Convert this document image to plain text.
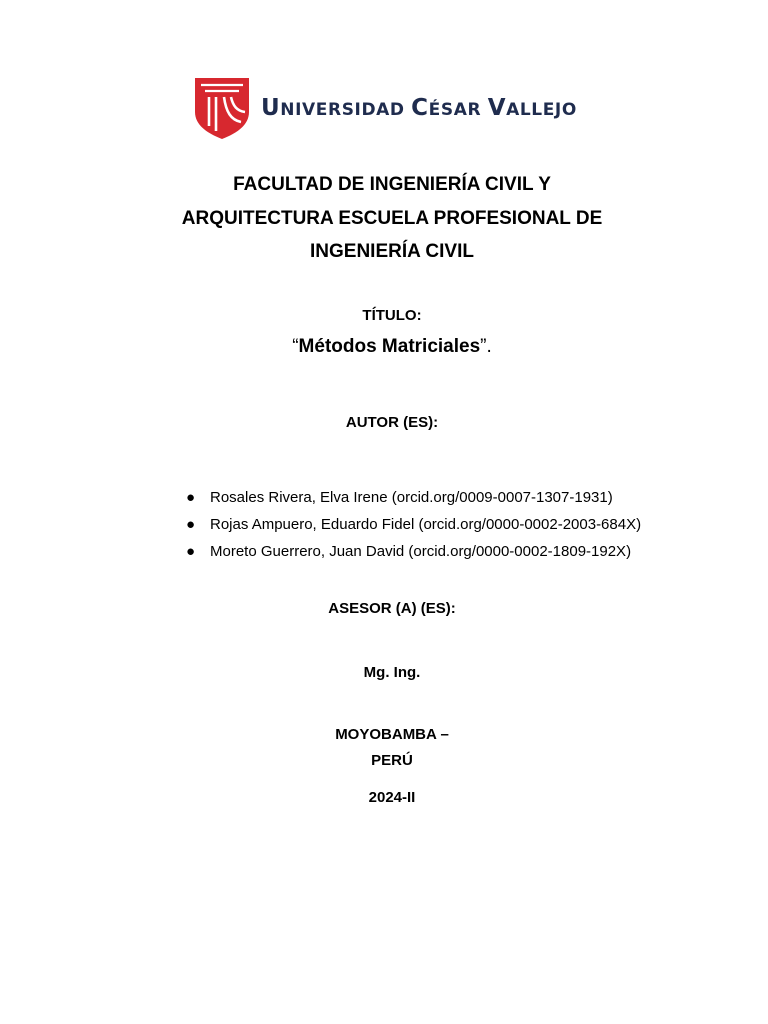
UNIVERSIDAD CÉSAR VALLEJO
FACULTAD DE INGENIERÍA CIVIL Y
ARQUITECTURA ESCUELA PROFESIONAL DE
INGENIERÍA CIVIL
TÍTULO:
“Métodos Matriciales”.
AUTOR (ES):
● Rosales Rivera, Elva Irene (orcid.org/0009-0007-1307-1931)
● Rojas Ampuero, Eduardo Fidel (orcid.org/0000-0002-2003-684X)
● Moreto Guerrero, Juan David (orcid.org/0000-0002-1809-192X)
ASESOR (A) (ES):
Mg. Ing.
MOYOBAMBA –
PERÚ
2024-II
